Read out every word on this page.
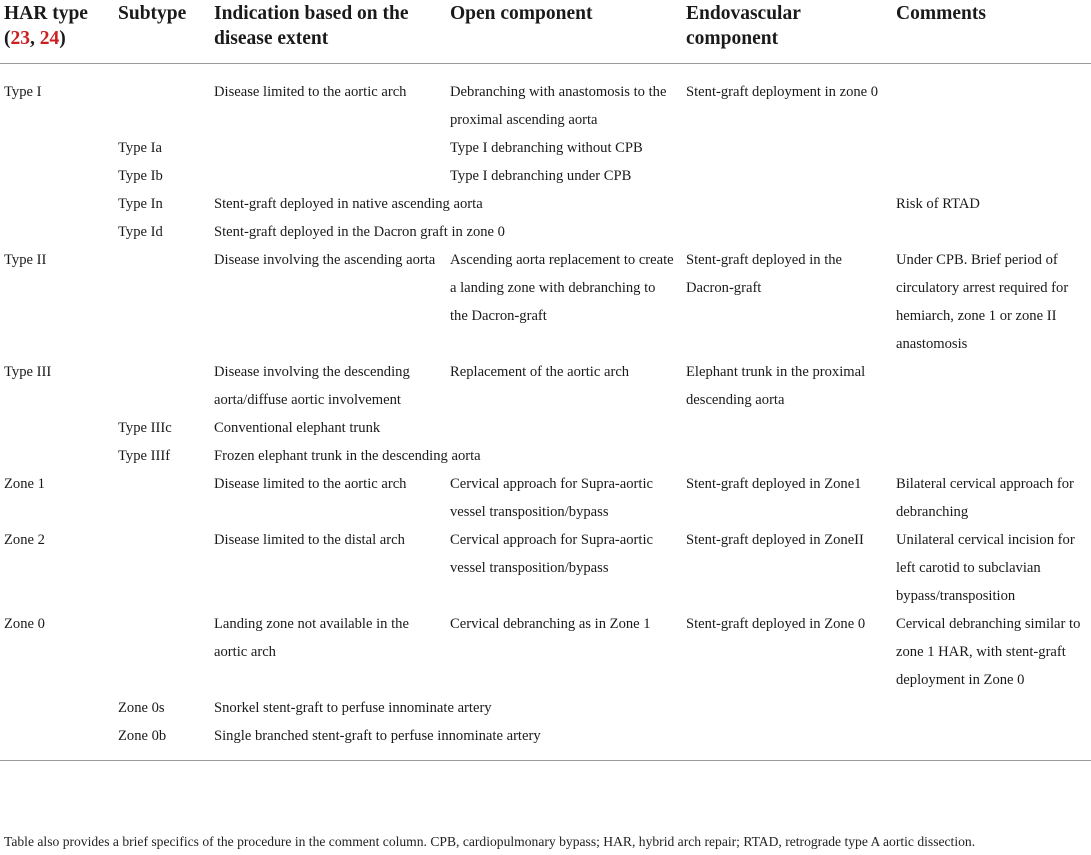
HAR type
(23, 24)	Subtype	Indication based on the disease extent	Open component	Endovascular component	Comments
Type I		Disease limited to the aortic arch	Debranching with anastomosis to the proximal ascending aorta	Stent-graft deployment in zone 0	
	Type Ia		Type I debranching without CPB		
	Type Ib		Type I debranching under CPB		
	Type In	Stent-graft deployed in native ascending aorta			Risk of RTAD
	Type Id	Stent-graft deployed in the Dacron graft in zone 0			
Type II		Disease involving the ascending aorta	Ascending aorta replacement to create a landing zone with debranching to the Dacron-graft	Stent-graft deployed in the Dacron-graft	Under CPB. Brief period of circulatory arrest required for hemiarch, zone 1 or zone II anastomosis
Type III		Disease involving the descending aorta/diffuse aortic involvement	Replacement of the aortic arch	Elephant trunk in the proximal descending aorta	
	Type IIIc	Conventional elephant trunk			
	Type IIIf	Frozen elephant trunk in the descending aorta			
Zone 1		Disease limited to the aortic arch	Cervical approach for Supra-aortic vessel transposition/bypass	Stent-graft deployed in Zone1	Bilateral cervical approach for debranching
Zone 2		Disease limited to the distal arch	Cervical approach for Supra-aortic vessel transposition/bypass	Stent-graft deployed in ZoneII	Unilateral cervical incision for left carotid to subclavian bypass/transposition
Zone 0		Landing zone not available in the aortic arch	Cervical debranching as in Zone 1	Stent-graft deployed in Zone 0	Cervical debranching similar to zone 1 HAR, with stent-graft deployment in Zone 0
	Zone 0s	Snorkel stent-graft to perfuse innominate artery			
	Zone 0b	Single branched stent-graft to perfuse innominate artery			
Table also provides a brief specifics of the procedure in the comment column. CPB, cardiopulmonary bypass; HAR, hybrid arch repair; RTAD, retrograde type A aortic dissection.
